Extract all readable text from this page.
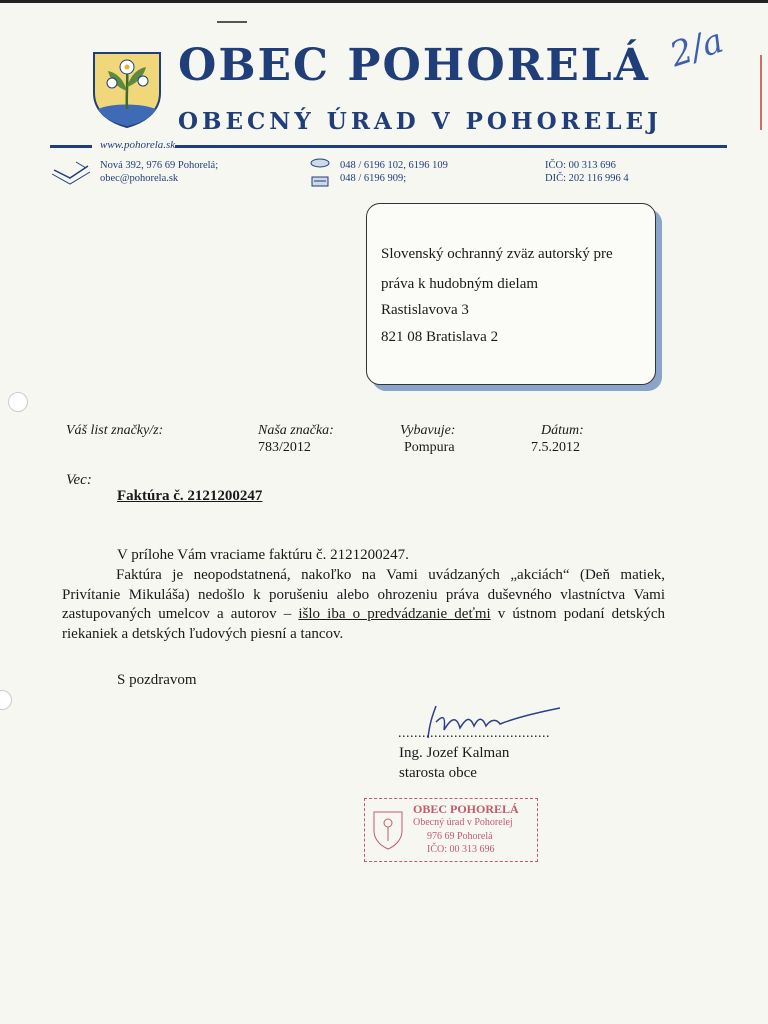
OBEC POHORELÁ
OBECNÝ ÚRAD V POHORELEJ
2/a
www.pohorela.sk
Nová 392, 976 69 Pohorelá;
obec@pohorela.sk
048 / 6196 102, 6196 109
048 / 6196 909;
IČO: 00 313 696
DIČ: 202 116 996 4
Slovenský ochranný zväz autorský pre
práva k hudobným dielam
Rastislavova 3
821 08 Bratislava 2
Váš list značky/z:	Naša značka:
783/2012
Vybavuje:
Pompura
Dátum:
7.5.2012
Vec:
Faktúra č. 2121200247
V prílohe Vám vraciame faktúru č. 2121200247.
Faktúra je neopodstatnená, nakoľko na Vami uvádzaných „akciách“ (Deň matiek, Privítanie Mikuláša) nedošlo k porušeniu alebo ohrozeniu práva duševného vlastníctva Vami zastupovaných umelcov a autorov – išlo iba o predvádzanie deťmi v ústnom podaní detských riekaniek a detských ľudových piesní a tancov.
S pozdravom
......................................
Ing. Jozef Kalman
starosta obce
OBEC POHORELÁ
Obecný úrad v Pohorelej
976 69 Pohorelá
IČO: 00 313 696
